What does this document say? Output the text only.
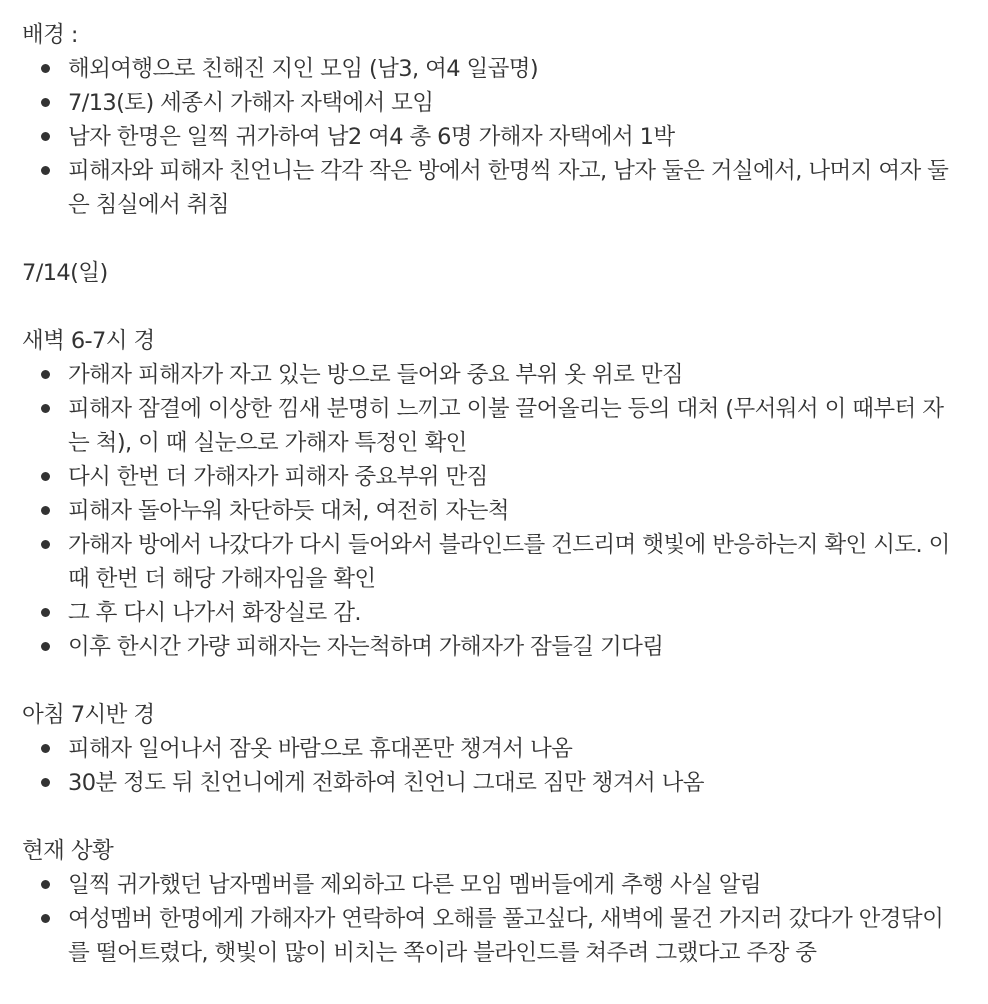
배경 :

해외여행으로 친해진 지인 모임 (남3, 여4 일곱명)
7/13(토) 세종시 가해자 자택에서 모임
남자 한명은 일찍 귀가하여 남2 여4 총 6명 가해자 자택에서 1박
피해자와 피해자 친언니는 각각 작은 방에서 한명씩 자고, 남자 둘은 거실에서, 나머지 여자 둘은 침실에서 취침

7/14(일)

새벽 6-7시 경

가해자 피해자가 자고 있는 방으로 들어와 중요 부위 옷 위로 만짐
피해자 잠결에 이상한 낌새 분명히 느끼고 이불 끌어올리는 등의 대처 (무서워서 이 때부터 자는 척), 이 때 실눈으로 가해자 특정인 확인
다시 한번 더 가해자가 피해자 중요부위 만짐
피해자 돌아누워 차단하듯 대처, 여전히 자는척
가해자 방에서 나갔다가 다시 들어와서 블라인드를 건드리며 햇빛에 반응하는지 확인 시도. 이 때 한번 더 해당 가해자임을 확인
그 후 다시 나가서 화장실로 감.
이후 한시간 가량 피해자는 자는척하며 가해자가 잠들길 기다림

아침 7시반 경

피해자 일어나서 잠옷 바람으로 휴대폰만 챙겨서 나옴
30분 정도 뒤 친언니에게 전화하여 친언니 그대로 짐만 챙겨서 나옴

현재 상황

일찍 귀가했던 남자멤버를 제외하고 다른 모임 멤버들에게 추행 사실 알림
여성멤버 한명에게 가해자가 연락하여 오해를 풀고싶다, 새벽에 물건 가지러 갔다가 안경닦이를 떨어트렸다, 햇빛이 많이 비치는 쪽이라 블라인드를 쳐주려 그랬다고 주장 중
